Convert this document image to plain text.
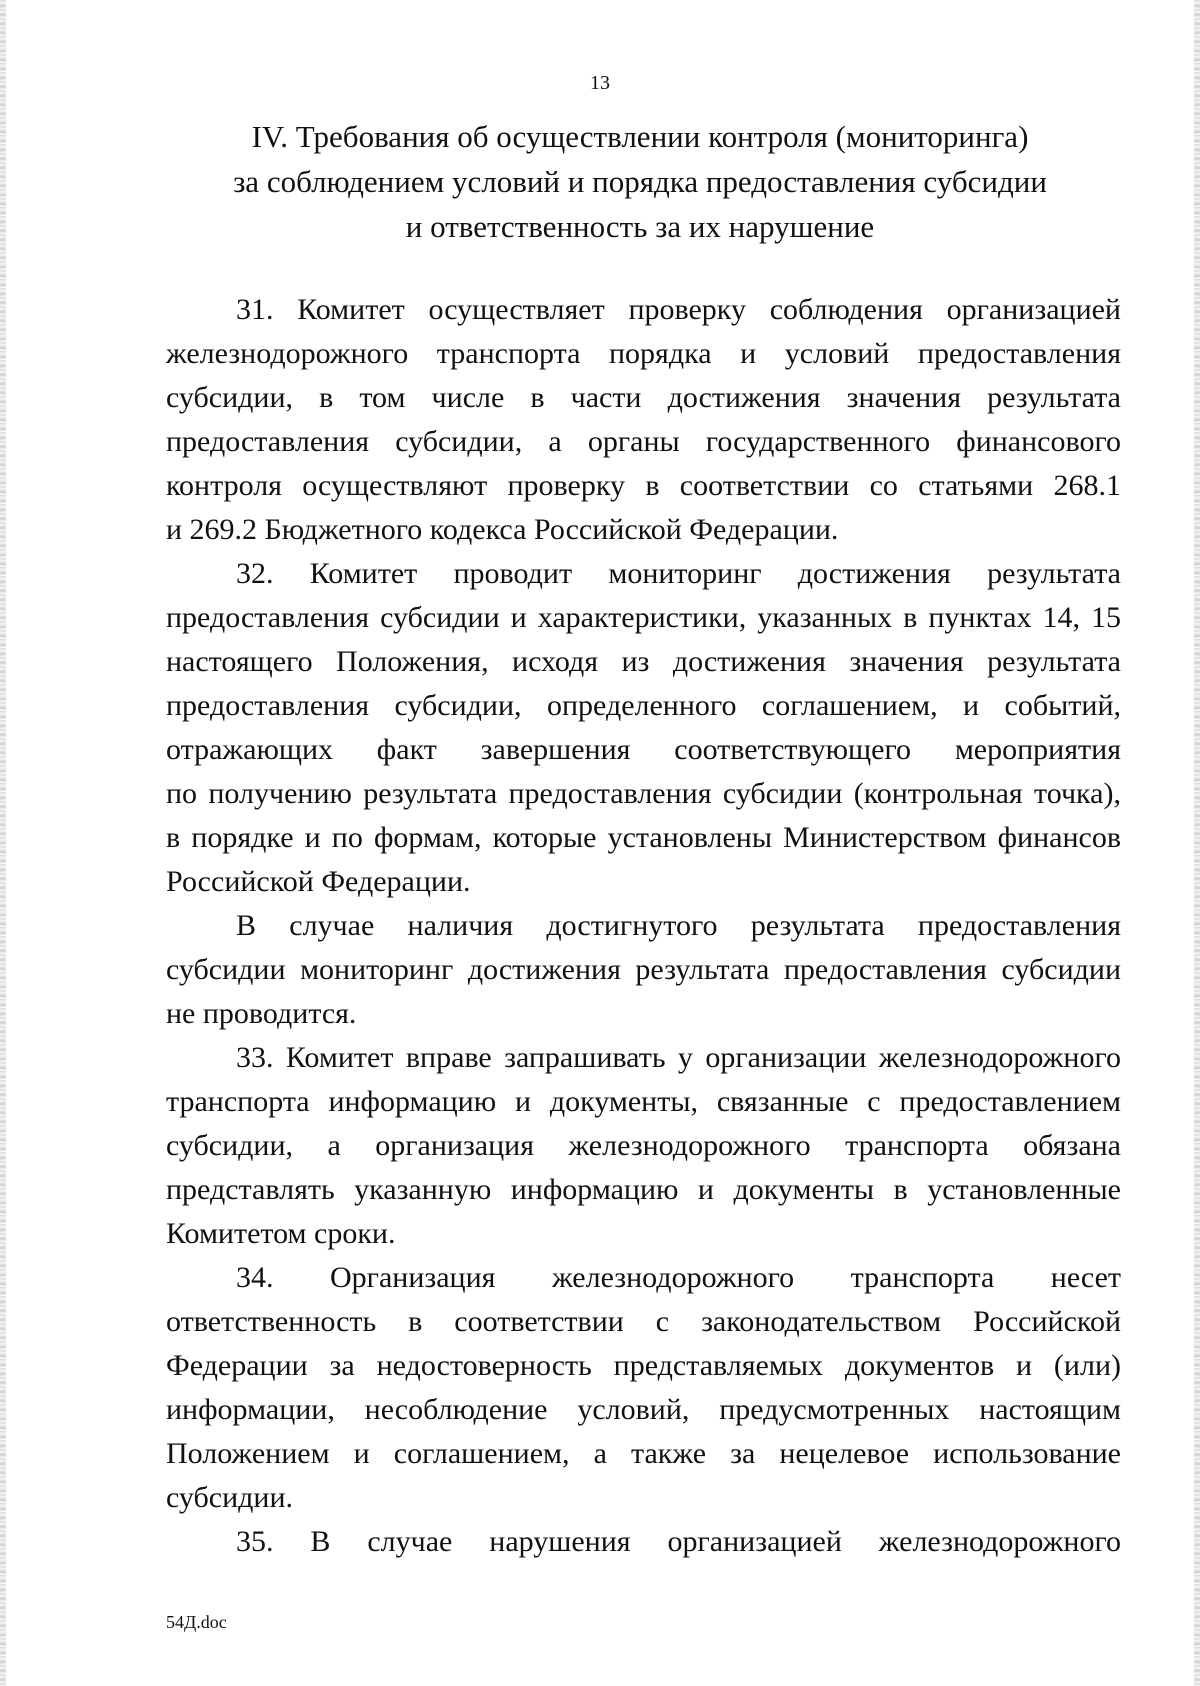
13
IV. Требования об осуществлении контроля (мониторинга)
за соблюдением условий и порядка предоставления субсидии
и ответственность за их нарушение
31. Комитет осуществляет проверку соблюдения организацией
железнодорожного транспорта порядка и условий предоставления
субсидии, в том числе в части достижения значения результата
предоставления субсидии, а органы государственного финансового
контроля осуществляют проверку в соответствии со статьями 268.1
и 269.2 Бюджетного кодекса Российской Федерации.
32. Комитет проводит мониторинг достижения результата
предоставления субсидии и характеристики, указанных в пунктах 14, 15
настоящего Положения, исходя из достижения значения результата
предоставления субсидии, определенного соглашением, и событий,
отражающих факт завершения соответствующего мероприятия
по получению результата предоставления субсидии (контрольная точка),
в порядке и по формам, которые установлены Министерством финансов
Российской Федерации.
В случае наличия достигнутого результата предоставления
субсидии мониторинг достижения результата предоставления субсидии
не проводится.
33. Комитет вправе запрашивать у организации железнодорожного
транспорта информацию и документы, связанные с предоставлением
субсидии, а организация железнодорожного транспорта обязана
представлять указанную информацию и документы в установленные
Комитетом сроки.
34. Организация железнодорожного транспорта несет
ответственность в соответствии с законодательством Российской
Федерации за недостоверность представляемых документов и (или)
информации, несоблюдение условий, предусмотренных настоящим
Положением и соглашением, а также за нецелевое использование
субсидии.
35. В случае нарушения организацией железнодорожного
54Д.doc
